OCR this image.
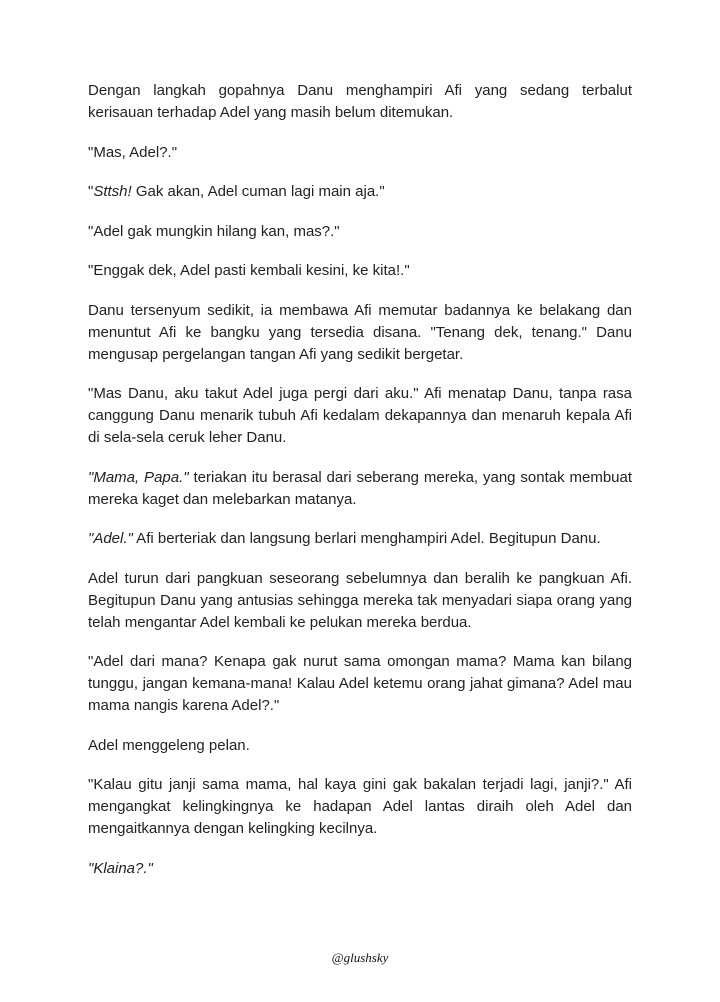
Dengan langkah gopahnya Danu menghampiri Afi yang sedang terbalut kerisauan terhadap Adel yang masih belum ditemukan.

"Mas, Adel?."

"Sttsh! Gak akan, Adel cuman lagi main aja."

"Adel gak mungkin hilang kan, mas?."

"Enggak dek, Adel pasti kembali kesini, ke kita!."

Danu tersenyum sedikit, ia membawa Afi memutar badannya ke belakang dan menuntut Afi ke bangku yang tersedia disana. "Tenang dek, tenang." Danu mengusap pergelangan tangan Afi yang sedikit bergetar.

"Mas Danu, aku takut Adel juga pergi dari aku." Afi menatap Danu, tanpa rasa canggung Danu menarik tubuh Afi kedalam dekapannya dan menaruh kepala Afi di sela-sela ceruk leher Danu.

"Mama, Papa." teriakan itu berasal dari seberang mereka, yang sontak membuat mereka kaget dan melebarkan matanya.

"Adel." Afi berteriak dan langsung berlari menghampiri Adel. Begitupun Danu.

Adel turun dari pangkuan seseorang sebelumnya dan beralih ke pangkuan Afi. Begitupun Danu yang antusias sehingga mereka tak menyadari siapa orang yang telah mengantar Adel kembali ke pelukan mereka berdua.

"Adel dari mana? Kenapa gak nurut sama omongan mama? Mama kan bilang tunggu, jangan kemana-mana! Kalau Adel ketemu orang jahat gimana? Adel mau mama nangis karena Adel?."

Adel menggeleng pelan.

"Kalau gitu janji sama mama, hal kaya gini gak bakalan terjadi lagi, janji?." Afi mengangkat kelingkingnya ke hadapan Adel lantas diraih oleh Adel dan mengaitkannya dengan kelingking kecilnya.

"Klaina?."

@glushsky
